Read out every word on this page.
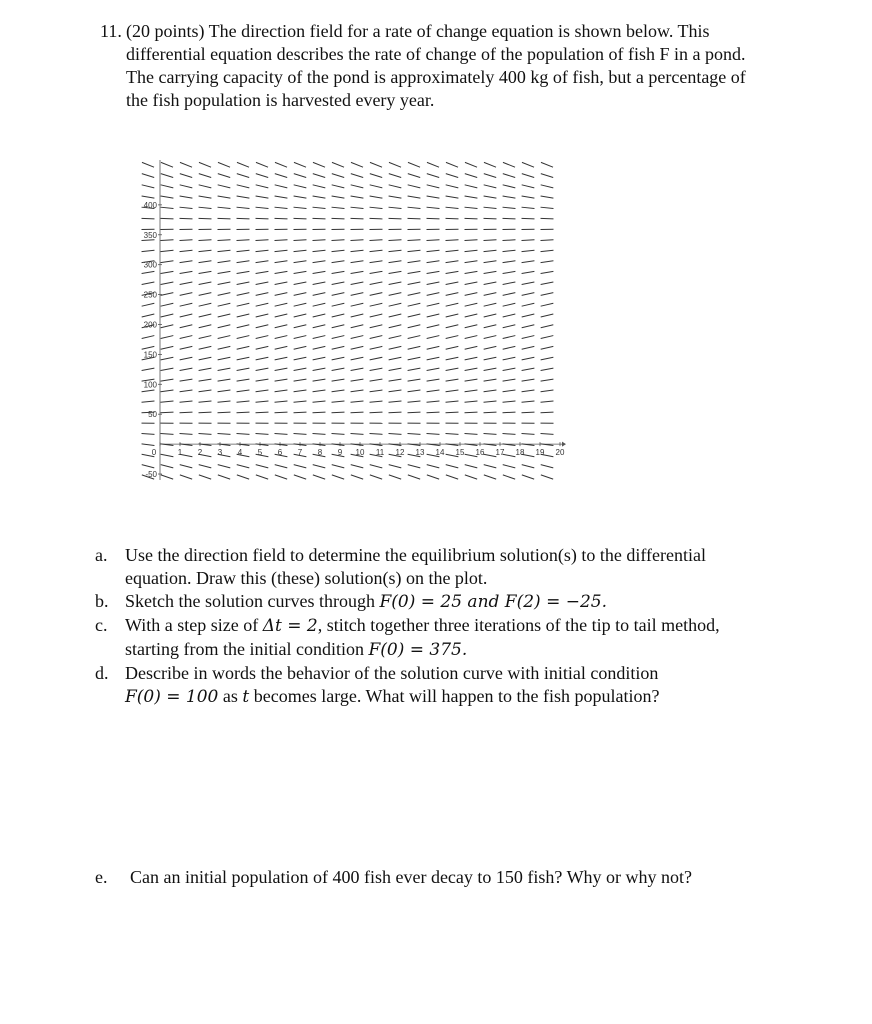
11. (20 points) The direction field for a rate of change equation is shown below. This
differential equation describes the rate of change of the population of fish F in a pond.
The carrying capacity of the pond is approximately 400 kg of fish, but a percentage of
the fish population is harvested every year.
-50
50
100
150
200
250
300
350
400
0	1 2 3 4 5 6 7 8 9 10 11 12 13 14 15 16 17 18 19 20
a. Use the direction field to determine the equilibrium solution(s) to the differential
equation. Draw this (these) solution(s) on the plot.
b. Sketch the solution curves through F(0) = 25 and F(2) = −25.
c. With a step size of Δt = 2, stitch together three iterations of the tip to tail method,
starting from the initial condition F(0) = 375.
d. Describe in words the behavior of the solution curve with initial condition
F(0) = 100 as t becomes large. What will happen to the fish population?
e. Can an initial population of 400 fish ever decay to 150 fish? Why or why not?
